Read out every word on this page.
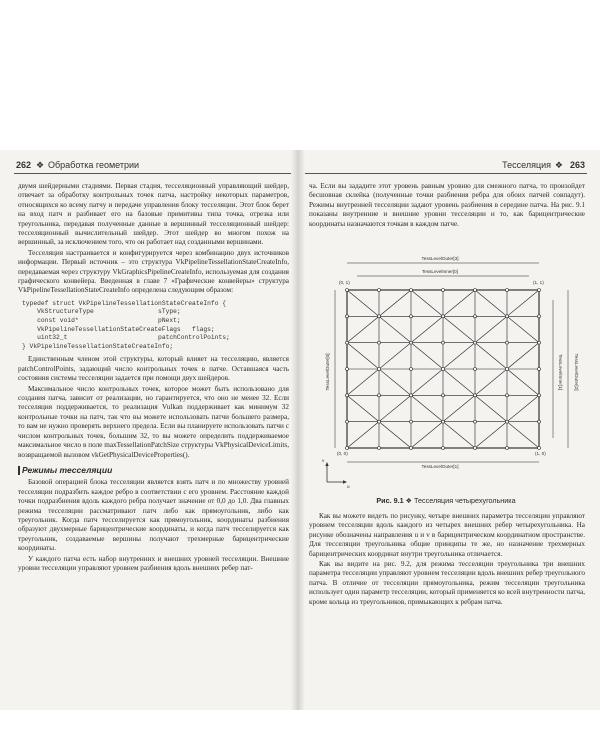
262 ❖ Обработка геометрии

двумя шейдерными стадиями. Первая стадия, тесселяционный управляющий шейдер, отвечает за обработку контрольных точек патча, настройку некоторых параметров, относящихся ко всему патчу и передаче управления блоку тесселяции. Этот блок берет на вход патч и разбивает его на базовые примитивы типа точка, отрезка или треугольника, передавая полученные данные в вершинный тесселяционный шейдер: тесселяционный вычислительный шейдер. Этот шейдер во многом похож на вершинный, за исключением того, что он работает над созданными вершинами.

Тесселяция настраивается и конфигурируется через комбинацию двух источников информации. Первый источник – это структура VkPipelineTessellationStateCreateInfo, передаваемая через структуру VkGraphicsPipelineCreateInfo, используемая для создания графического конвейера. Введенная в главе 7 «Графические конвейеры» структура VkPipelineTessellationStateCreateInfo определена следующим образом:

typedef struct VkPipelineTessellationStateCreateInfo {
VkStructureType                 sType;
const void*                     pNext;
VkPipelineTessellationStateCreateFlags   flags;
uint32_t                        patchControlPoints;
} VkPipelineTessellationStateCreateInfo;

Единственным членом этой структуры, который влияет на тесселяцию, является patchControlPoints, задающий число контрольных точек в патче. Оставшаяся часть состояния системы тесселяции задается при помощи двух шейдеров.

Максимальное число контрольных точек, которое может быть использовано для создания патча, зависит от реализации, но гарантируется, что оно не менее 32. Если тесселяция поддерживается, то реализация Vulkan поддерживает как минимум 32 контрольные точки на патч, так что вы можете использовать патчи большего размера, то вам не нужно проверять верхнего предела. Если вы планируете использовать патчи с числом контрольных точек, большим 32, то вы можете определить поддерживаемое максимальное число в поле maxTessellationPatchSize структуры VkPhysicalDeviceLimits, возвращаемой вызовом vkGetPhysicalDeviceProperties().

Режимы тесселяции

Базовой операцией блока тесселяции является взять патч и по множеству уровней тесселяции подразбить каждое ребро в соответствии с его уровнем. Расстояние каждой точки подразбиения вдоль каждого ребра получает значение от 0,0 до 1,0. Два главных режима тесселяции рассматривают патч либо как прямоугольник, либо как треугольник. Когда патч тесселируется как прямоугольник, координаты разбиения образуют двухмерные барицентрические координаты, и когда патч тесселируется как треугольник, создаваемые вершины получают трехмерные барицентрические координаты.

У каждого патча есть набор внутренних и внешних уровней тесселяции. Внешние уровни тесселяции управляют уровнем разбиения вдоль внешних ребер пат-

Тесселяция ❖ 263

ча. Если вы зададите этот уровень равным уровню для смежного патча, то произойдет бесшовная склейка (полученные точки разбиения ребра для обоих патчей совпадут). Режимы внутренней тесселяции задают уровень разбиения в середине патча. На рис. 9.1 показаны внутренние и внешние уровни тесселяции и то, как барицентрические координаты назначаются точкам в каждом патче.

TessLevelOuter[3]
TessLevelInner[0]
TessLevelOuter[1]
TessLevelOuter[0]	TessLevelInner[1] TessLevelOuter[2]
(0, 1)	(1, 1)
(0, 0)	(1, 0)
u
v
Рис. 9.1 ❖ Тесселяция четырехугольника

Как вы можете видеть по рисунку, четыре внешних параметра тесселяции управляют уровнем тесселяции вдоль каждого из четырех внешних ребер четырехугольника. На рисунке обозначены направления u и v в барицентрическом координатном пространстве. Для тесселяции треугольника общие принципы те же, но назначение трехмерных барицентрических координат внутри треугольника отличается.

Как вы видите на рис. 9.2, для режима тесселяции треугольника три внешних параметра тесселяции управляют уровнем тесселяции вдоль внешних ребер треугольного патча. В отличие от тесселяции прямоугольника, режим тесселяции треугольника использует один параметр тесселяции, который применяется ко всей внутренности патча, кроме кольца из треугольников, примыкающих к ребрам патча.
